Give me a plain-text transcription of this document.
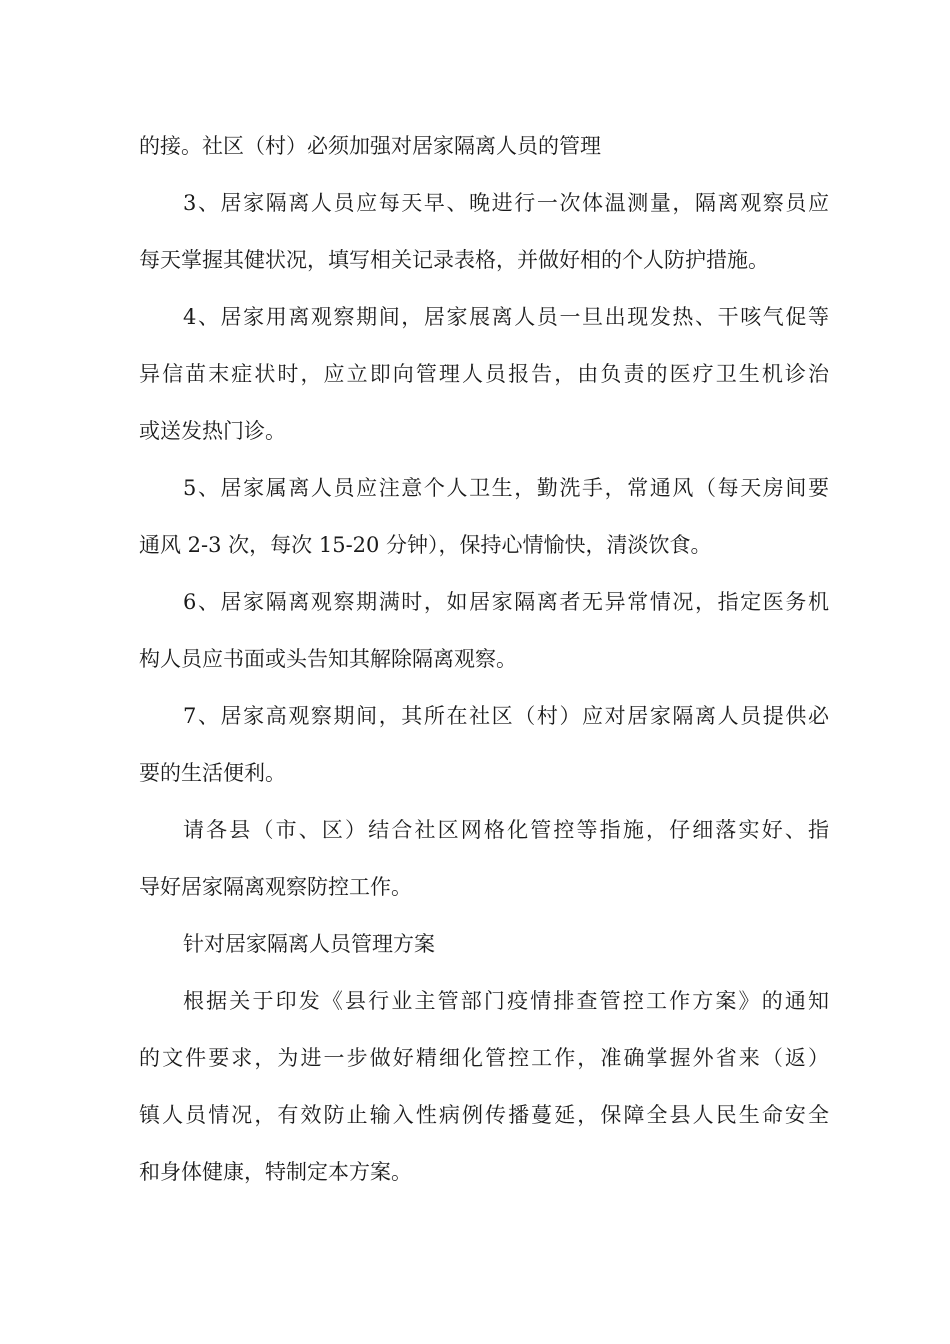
的接。社区（村）必须加强对居家隔离人员的管理
3、居家隔离人员应每天早、晚进行一次体温测量，隔离观察员应
每天掌握其健状况，填写相关记录表格，并做好相的个人防护措施。
4、居家用离观察期间，居家展离人员一旦出现发热、干咳气促等
异信苗末症状时，应立即向管理人员报告，由负责的医疗卫生机诊治
或送发热门诊。
5、居家属离人员应注意个人卫生，勤洗手，常通风（每天房间要
通风 2-3 次，每次 15-20 分钟），保持心情愉快，清淡饮食。
6、居家隔离观察期满时，如居家隔离者无异常情况，指定医务机
构人员应书面或头告知其解除隔离观察。
7、居家高观察期间，其所在社区（村）应对居家隔离人员提供必
要的生活便利。
请各县（市、区）结合社区网格化管控等指施，仔细落实好、指
导好居家隔离观察防控工作。
针对居家隔离人员管理方案
根据关于印发《县行业主管部门疫情排查管控工作方案》的通知
的文件要求，为进一步做好精细化管控工作，准确掌握外省来（返）
镇人员情况，有效防止输入性病例传播蔓延，保障全县人民生命安全
和身体健康，特制定本方案。
